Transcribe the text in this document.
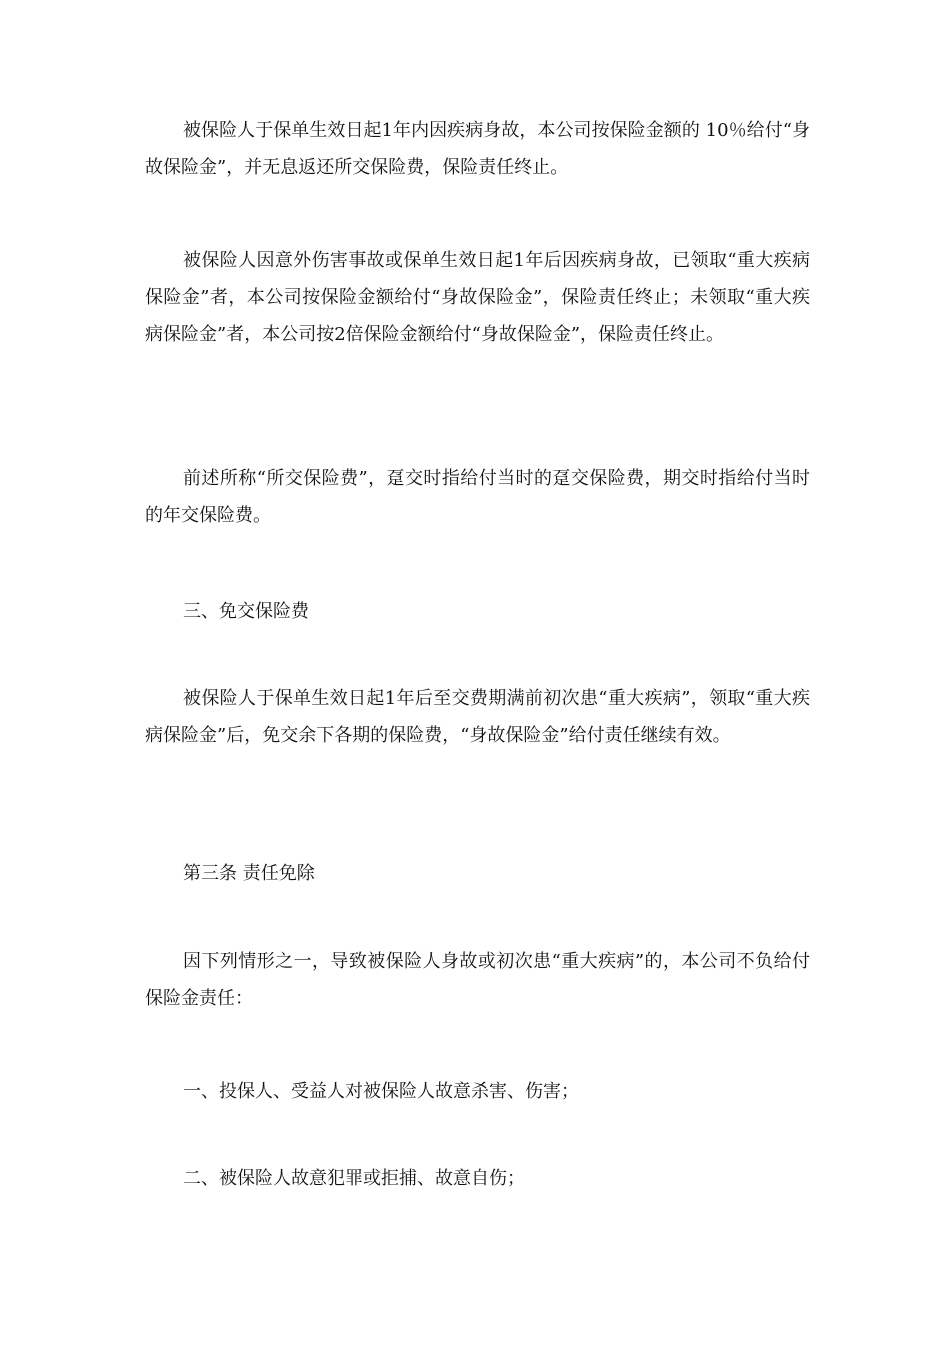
被保险人于保单生效日起1年内因疾病身故，本公司按保险金额的 10％给付“身故保险金”，并无息返还所交保险费，保险责任终止。

被保险人因意外伤害事故或保单生效日起1年后因疾病身故，已领取“重大疾病保险金”者，本公司按保险金额给付“身故保险金”，保险责任终止；未领取“重大疾病保险金”者，本公司按2倍保险金额给付“身故保险金”，保险责任终止。

前述所称“所交保险费”，趸交时指给付当时的趸交保险费，期交时指给付当时的年交保险费。

三、免交保险费

被保险人于保单生效日起1年后至交费期满前初次患“重大疾病”，领取“重大疾病保险金”后，免交余下各期的保险费，“身故保险金”给付责任继续有效。

第三条 责任免除

因下列情形之一，导致被保险人身故或初次患“重大疾病”的，本公司不负给付保险金责任：

一、投保人、受益人对被保险人故意杀害、伤害；

二、被保险人故意犯罪或拒捕、故意自伤；
